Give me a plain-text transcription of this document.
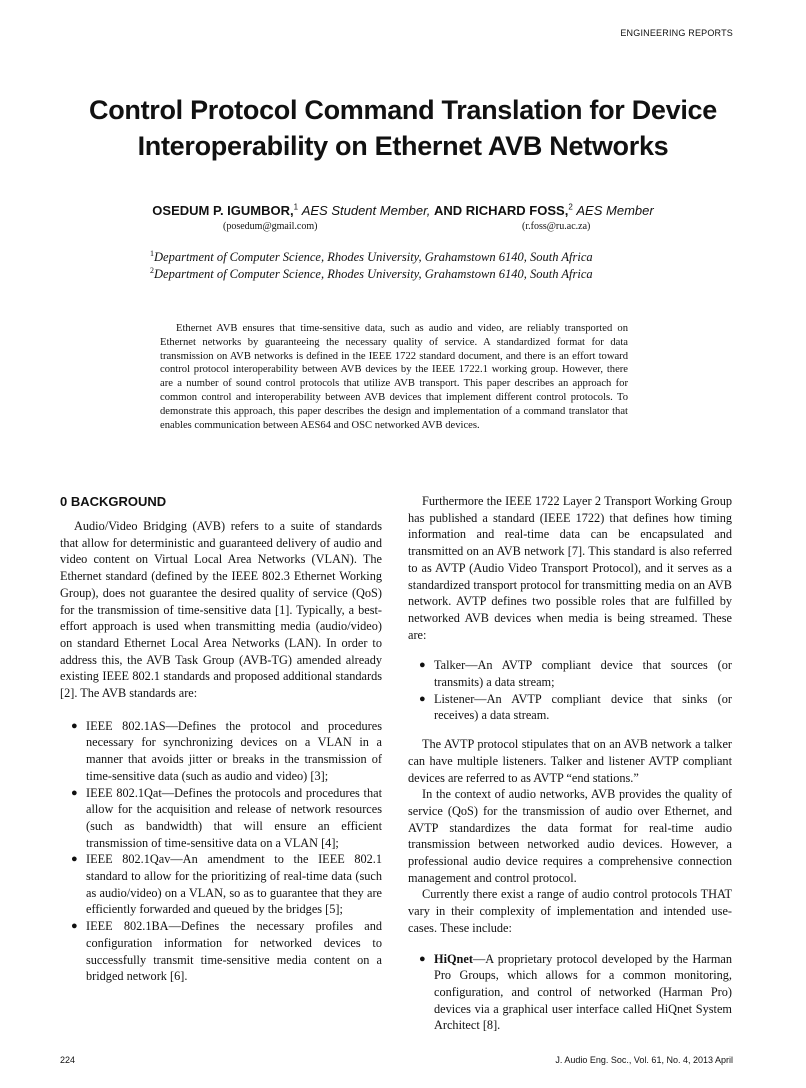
ENGINEERING REPORTS
Control Protocol Command Translation for Device
Interoperability on Ethernet AVB Networks
OSEDUM P. IGUMBOR,$^1$ AES Student Member, AND RICHARD FOSS,$^2$ AES Member
(posedum@gmail.com)	(r.foss@ru.ac.za)
$^1$Department of Computer Science, Rhodes University, Grahamstown 6140, South Africa
$^2$Department of Computer Science, Rhodes University, Grahamstown 6140, South Africa

Ethernet AVB ensures that time-sensitive data, such as audio and video, are reliably transported on Ethernet networks by guaranteeing the necessary quality of service. A standardized format for data transmission on AVB networks is defined in the IEEE 1722 standard document, and there is an effort toward control protocol interoperability between AVB devices by the IEEE 1722.1 working group. However, there are a number of sound control protocols that utilize AVB transport. This paper describes an approach for common control and interoperability between AVB devices that implement different control protocols. To demonstrate this approach, this paper describes the design and implementation of a command translator that enables communication between AES64 and OSC networked AVB devices.

0 BACKGROUND

Audio/Video Bridging (AVB) refers to a suite of standards that allow for deterministic and guaranteed delivery of audio and video content on Virtual Local Area Networks (VLAN). The Ethernet standard (defined by the IEEE 802.3 Ethernet Working Group), does not guarantee the desired quality of service (QoS) for the transmission of time-sensitive data [1]. Typically, a best-effort approach is used when transmitting media (audio/video) on standard Ethernet Local Area Networks (LAN). In order to address this, the AVB Task Group (AVB-TG) amended already existing IEEE 802.1 standards and proposed additional standards [2]. The AVB standards are:

● IEEE 802.1AS—Defines the protocol and procedures necessary for synchronizing devices on a VLAN in a manner that avoids jitter or breaks in the transmission of time-sensitive data (such as audio and video) [3];
● IEEE 802.1Qat—Defines the protocols and procedures that allow for the acquisition and release of network resources (such as bandwidth) that will ensure an efficient transmission of time-sensitive data on a VLAN [4];
● IEEE 802.1Qav—An amendment to the IEEE 802.1 standard to allow for the prioritizing of real-time data (such as audio/video) on a VLAN, so as to guarantee that they are efficiently forwarded and queued by the bridges [5];
● IEEE 802.1BA—Defines the necessary profiles and configuration information for networked devices to successfully transmit time-sensitive media content on a bridged network [6].

Furthermore the IEEE 1722 Layer 2 Transport Working Group has published a standard (IEEE 1722) that defines how timing information and real-time data can be encapsulated and transmitted on an AVB network [7]. This standard is also referred to as AVTP (Audio Video Transport Protocol), and it serves as a standardized transport protocol for transmitting media on an AVB network. AVTP defines two possible roles that are fulfilled by networked AVB devices when media is being streamed. These are:

● Talker—An AVTP compliant device that sources (or transmits) a data stream;
● Listener—An AVTP compliant device that sinks (or receives) a data stream.

The AVTP protocol stipulates that on an AVB network a talker can have multiple listeners. Talker and listener AVTP compliant devices are referred to as AVTP “end stations.”

In the context of audio networks, AVB provides the quality of service (QoS) for the transmission of audio over Ethernet, and AVTP standardizes the data format for real-time audio transmission between networked audio devices. However, a professional audio device requires a comprehensive connection management and control protocol.

Currently there exist a range of audio control protocols THAT vary in their complexity of implementation and intended use-cases. These include:

● HiQnet—A proprietary protocol developed by the Harman Pro Groups, which allows for a common monitoring, configuration, and control of networked (Harman Pro) devices via a graphical user interface called HiQnet System Architect [8].
224	J. Audio Eng. Soc., Vol. 61, No. 4, 2013 April
